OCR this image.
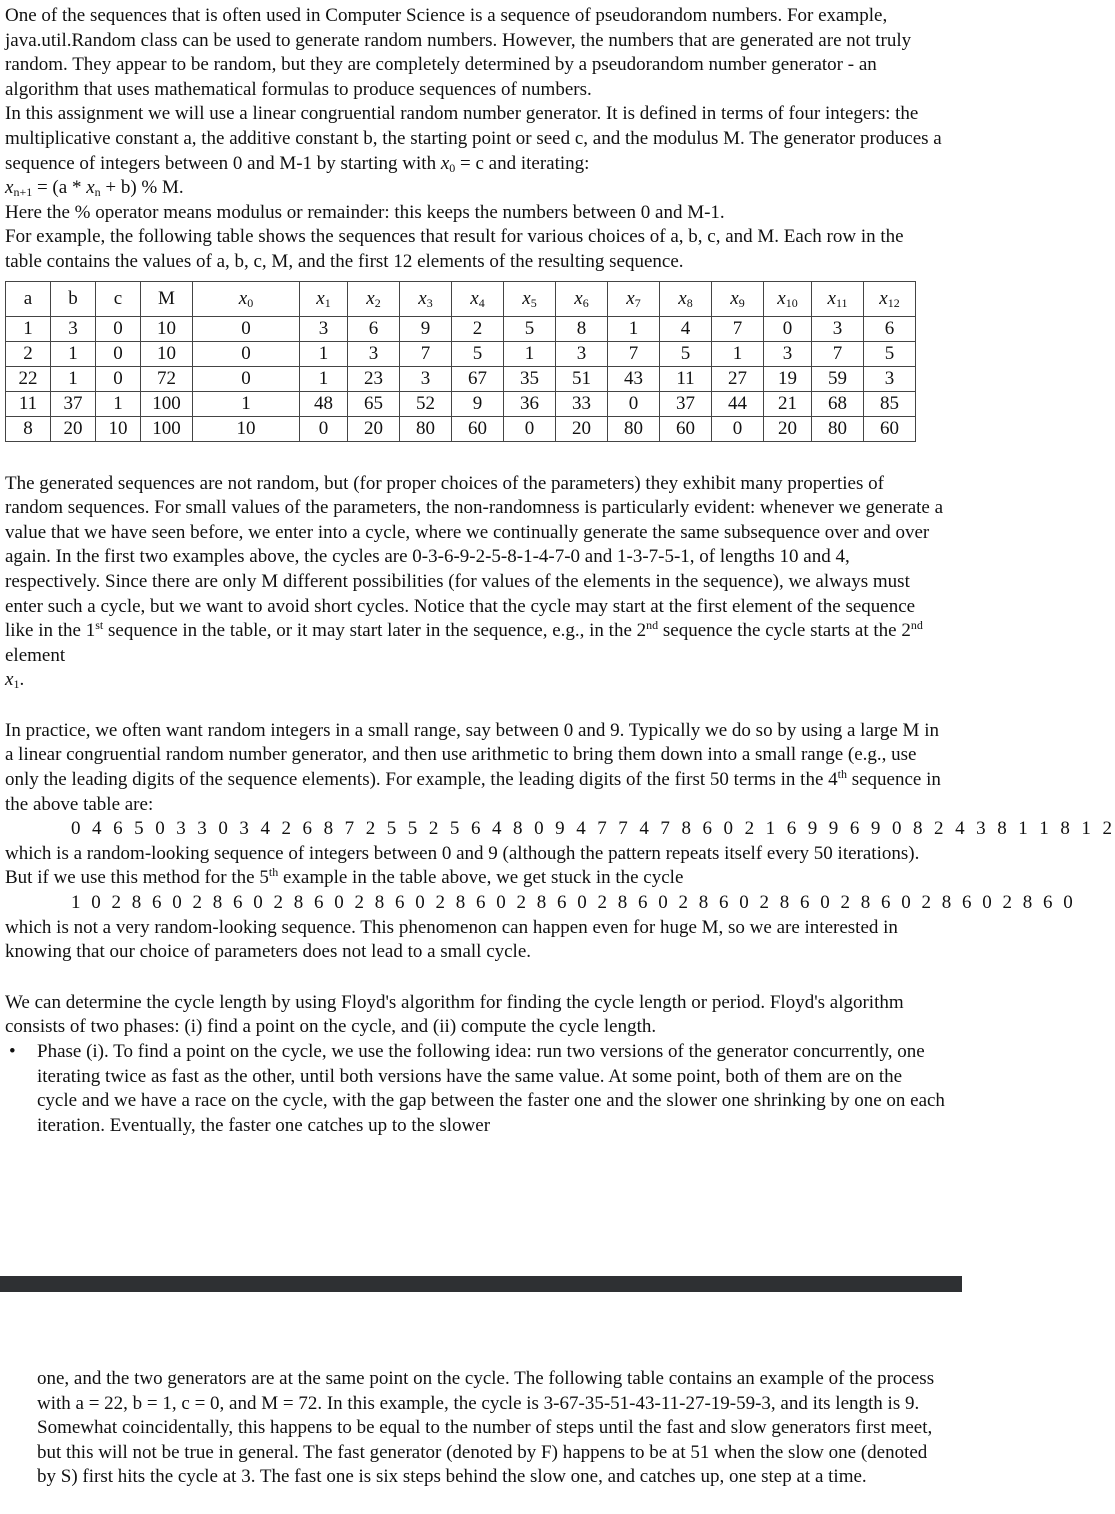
One of the sequences that is often used in Computer Science is a sequence of pseudorandom numbers. For example, java.util.Random class can be used to generate random numbers. However, the numbers that are generated are not truly random. They appear to be random, but they are completely determined by a pseudorandom number generator - an algorithm that uses mathematical formulas to produce sequences of numbers.

In this assignment we will use a linear congruential random number generator. It is defined in terms of four integers: the multiplicative constant a, the additive constant b, the starting point or seed c, and the modulus M. The generator produces a sequence of integers between 0 and M-1 by starting with $x_0 = c$ and iterating:

$x_{n+1} = (a * x_n + b)$ % M.

Here the % operator means modulus or remainder: this keeps the numbers between 0 and M-1.

For example, the following table shows the sequences that result for various choices of a, b, c, and M. Each row in the table contains the values of a, b, c, M, and the first 12 elements of the resulting sequence.

a	b	c	M	$x_0$	$x_1$	$x_2$	$x_3$	$x_4$	$x_5$	$x_6$	$x_7$	$x_8$	$x_9$	$x_{10}$	$x_{11}$	$x_{12}$
1	3	0	10	0	3	6	9	2	5	8	1	4	7	0	3	6
2	1	0	10	0	1	3	7	5	1	3	7	5	1	3	7	5
22	1	0	72	0	1	23	3	67	35	51	43	11	27	19	59	3
11	37	1	100	1	48	65	52	9	36	33	0	37	44	21	68	85
8	20	10	100	10	0	20	80	60	0	20	80	60	0	20	80	60

The generated sequences are not random, but (for proper choices of the parameters) they exhibit many properties of random sequences. For small values of the parameters, the non-randomness is particularly evident: whenever we generate a value that we have seen before, we enter into a cycle, where we continually generate the same subsequence over and over again. In the first two examples above, the cycles are 0-3-6-9-2-5-8-1-4-7-0 and 1-3-7-5-1, of lengths 10 and 4, respectively. Since there are only M different possibilities (for values of the elements in the sequence), we always must enter such a cycle, but we want to avoid short cycles. Notice that the cycle may start at the first element of the sequence like in the 1st sequence in the table, or it may start later in the sequence, e.g., in the 2nd sequence the cycle starts at the 2nd element
$x_1$.

In practice, we often want random integers in a small range, say between 0 and 9. Typically we do so by using a large M in a linear congruential random number generator, and then use arithmetic to bring them down into a small range (e.g., use only the leading digits of the sequence elements). For example, the leading digits of the first 50 terms in the 4th sequence in the above table are:

0 4 6 5 0 3 3 0 3 4 2 6 8 7 2 5 5 2 5 6 4 8 0 9 4 7 7 4 7 8 6 0 2 1 6 9 9 6 9 0 8 2 4 3 8 1 1 8 1 2

which is a random-looking sequence of integers between 0 and 9 (although the pattern repeats itself every 50 iterations). But if we use this method for the 5th example in the table above, we get stuck in the cycle

1 0 2 8 6 0 2 8 6 0 2 8 6 0 2 8 6 0 2 8 6 0 2 8 6 0 2 8 6 0 2 8 6 0 2 8 6 0 2 8 6 0 2 8 6 0 2 8 6 0

which is not a very random-looking sequence. This phenomenon can happen even for huge M, so we are interested in knowing that our choice of parameters does not lead to a small cycle.

We can determine the cycle length by using Floyd's algorithm for finding the cycle length or period. Floyd's algorithm consists of two phases: (i) find a point on the cycle, and (ii) compute the cycle length.

• Phase (i). To find a point on the cycle, we use the following idea: run two versions of the generator concurrently, one iterating twice as fast as the other, until both versions have the same value. At some point, both of them are on the cycle and we have a race on the cycle, with the gap between the faster one and the slower one shrinking by one on each iteration. Eventually, the faster one catches up to the slower

one, and the two generators are at the same point on the cycle. The following table contains an example of the process with a = 22, b = 1, c = 0, and M = 72. In this example, the cycle is 3-67-35-51-43-11-27-19-59-3, and its length is 9. Somewhat coincidentally, this happens to be equal to the number of steps until the fast and slow generators first meet, but this will not be true in general. The fast generator (denoted by F) happens to be at 51 when the slow one (denoted by S) first hits the cycle at 3. The fast one is six steps behind the slow one, and catches up, one step at a time.
